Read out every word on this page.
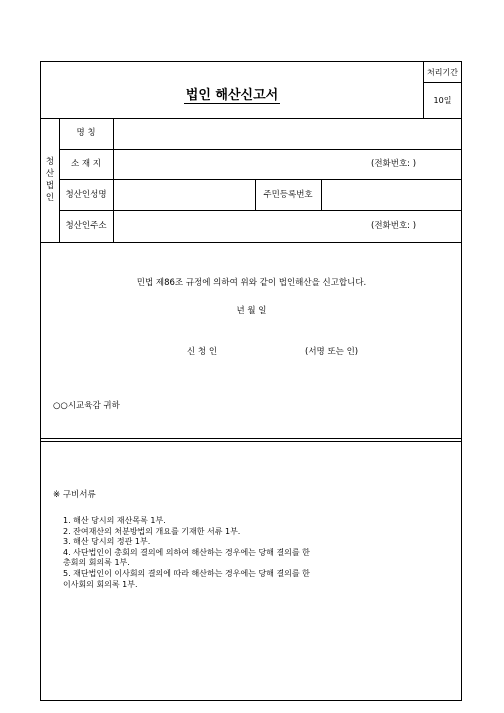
법인 해산신고서
처리기간
10일
청
산
법
인
명 칭
소 재 지	(전화번호: )
청산인성명	주민등록번호
청산인주소	(전화번호: )
민법 제86조 규정에 의하여 위와 같이 법인해산을 신고합니다.
년 월 일
신 청 인	(서명 또는 인)
○○시교육감 귀하
※ 구비서류
1. 해산 당시의 재산목록 1부.
2. 잔여재산의 처분방법의 개요를 기재한 서류 1부.
3. 해산 당시의 정관 1부.
4. 사단법인이 총회의 결의에 의하여 해산하는 경우에는 당해 결의를 한
총회의 회의록 1부.
5. 재단법인이 이사회의 결의에 따라 해산하는 경우에는 당해 결의를 한
이사회의 회의록 1부.
